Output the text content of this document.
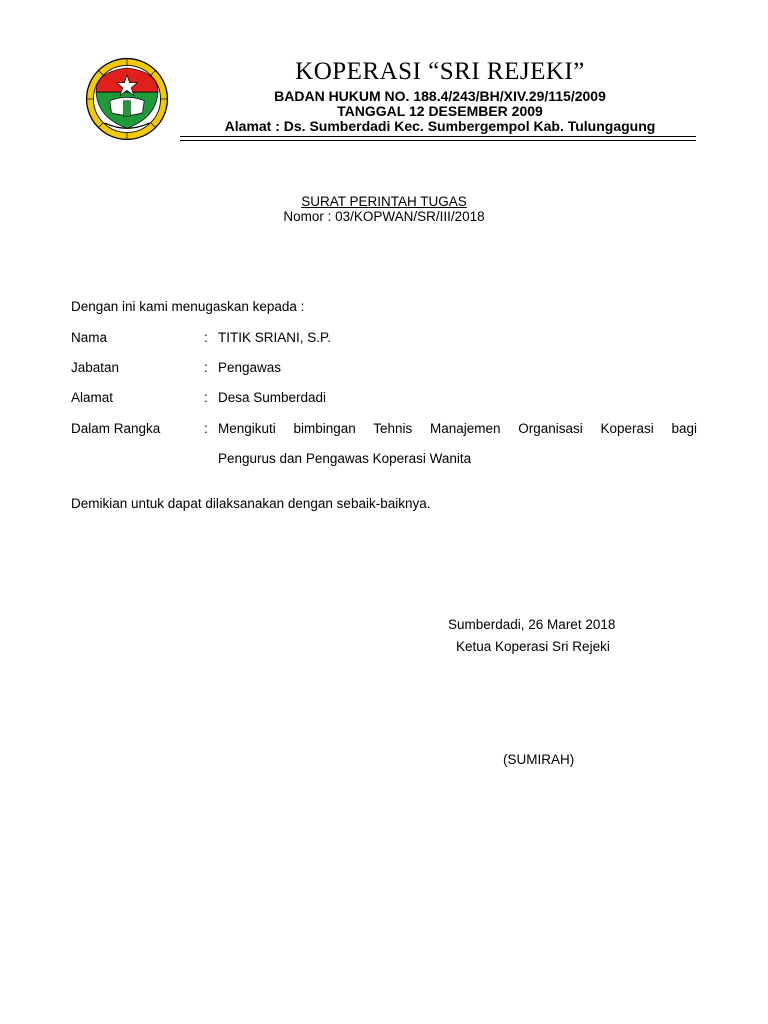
KOPERASI “SRI REJEKI”
BADAN HUKUM NO. 188.4/243/BH/XIV.29/115/2009
TANGGAL 12 DESEMBER 2009
Alamat : Ds. Sumberdadi Kec. Sumbergempol Kab. Tulungagung
SURAT PERINTAH TUGAS
Nomor : 03/KOPWAN/SR/III/2018
Dengan ini kami menugaskan kepada :
Nama	: TITIK SRIANI, S.P.
Jabatan	: Pengawas
Alamat	: Desa Sumberdadi
Dalam Rangka	: Mengikuti bimbingan Tehnis Manajemen Organisasi Koperasi bagi
Pengurus dan Pengawas Koperasi Wanita
Demikian untuk dapat dilaksanakan dengan sebaik-baiknya.
Sumberdadi, 26 Maret 2018
Ketua Koperasi Sri Rejeki
(SUMIRAH)
